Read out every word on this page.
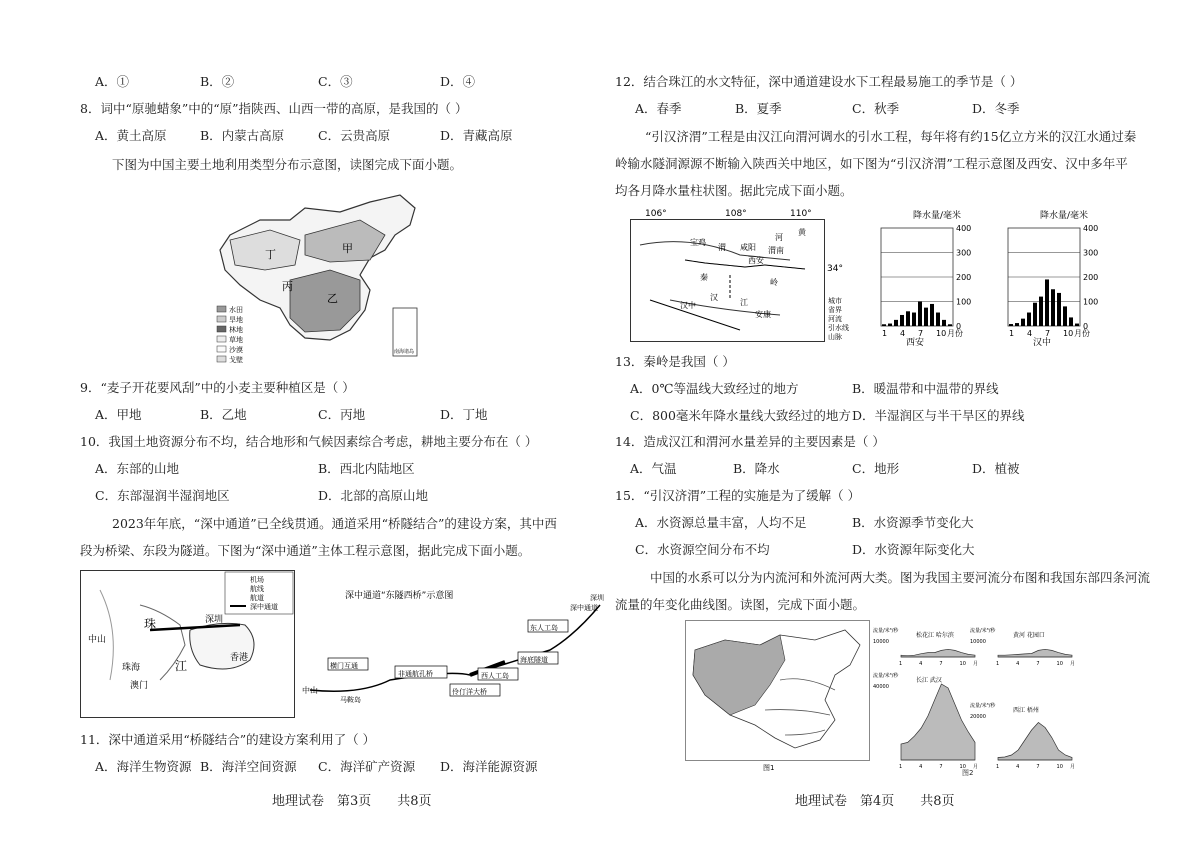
A．①	B．②	C．③	D．④
8．词中“原驰蜡象”中的“原”指陕西、山西一带的高原，是我国的（ ）
A．黄土高原	B．内蒙古高原	C．云贵高原	D．青藏高原
下图为中国主要土地利用类型分布示意图，读图完成下面小题。
甲
乙
丙
丁
水田
旱地
林地
草地
沙漠
戈壁
南海诸岛
9．“麦子开花要风刮”中的小麦主要种植区是（ ）
A．甲地	B．乙地	C．丙地	D．丁地
10．我国土地资源分布不均，结合地形和气候因素综合考虑，耕地主要分布在（ ）
A．东部的山地	B．西北内陆地区
C．东部湿润半湿润地区	D．北部的高原山地
2023年年底，“深中通道”已全线贯通。通道采用“桥隧结合”的建设方案，其中西
段为桥梁、东段为隧道。下图为“深中通道”主体工程示意图，据此完成下面小题。
中山
珠	深圳
江
香港
珠海
澳门
机场
航线
航道
深中通道
深中通道“东隧西桥”示意图
横门互通
中山
马鞍岛
非通航孔桥	西人工岛
伶仃洋大桥
海底隧道
东人工岛
深中通道
深圳
11．深中通道采用“桥隧结合”的建设方案利用了（ ）
A．海洋生物资源 B．海洋空间资源 C．海洋矿产资源 D．海洋能源资源
地理试卷　第3页　　共8页
12．结合珠江的水文特征，深中通道建设水下工程最易施工的季节是（ ）
A．春季	B．夏季	C．秋季	D．冬季
“引汉济渭”工程是由汉江向渭河调水的引水工程，每年将有约15亿立方米的汉江水通过秦
岭输水隧洞源源不断输入陕西关中地区，如下图为“引汉济渭”工程示意图及西安、汉中多年平
均各月降水量柱状图。据此完成下面小题。
106°	108°	110°
34°
宝鸡
渭 咸阳
西安
渭南
黄
河
秦
岭
汉中
汉
江
安康
城市
省界
河流
引水线
山脉
降水量/毫米
400
300
200
100
0
1 4 7 10 月份
西安
降水量/毫米
400
300
200
100
0
1 4 7 10 月份
汉中
13．秦岭是我国（ ）
A．0℃等温线大致经过的地方	B．暖温带和中温带的界线
C．800毫米年降水量线大致经过的地方 D．半湿润区与半干旱区的界线
14．造成汉江和渭河水量差异的主要因素是（ ）
A．气温	B．降水	C．地形	D．植被
15．“引汉济渭”工程的实施是为了缓解（ ）
A．水资源总量丰富，人均不足	B．水资源季节变化大
C．水资源空间分布不均	D．水资源年际变化大
中国的水系可以分为内流河和外流河两大类。图为我国主要河流分布图和我国东部四条河流
流量的年变化曲线图。读图，完成下面小题。
图1
流量/米³/秒
10000
松花江 哈尔滨
1	4	7	10 月
流量/米³/秒
10000
黄河 花园口
1	4	7	10 月
流量/米³/秒
40000
长江 武汉
1	4	7	10 月
流量/米³/秒
20000
西江 梧州
1	4	7	10 月
图2
地理试卷　第4页　　共8页
